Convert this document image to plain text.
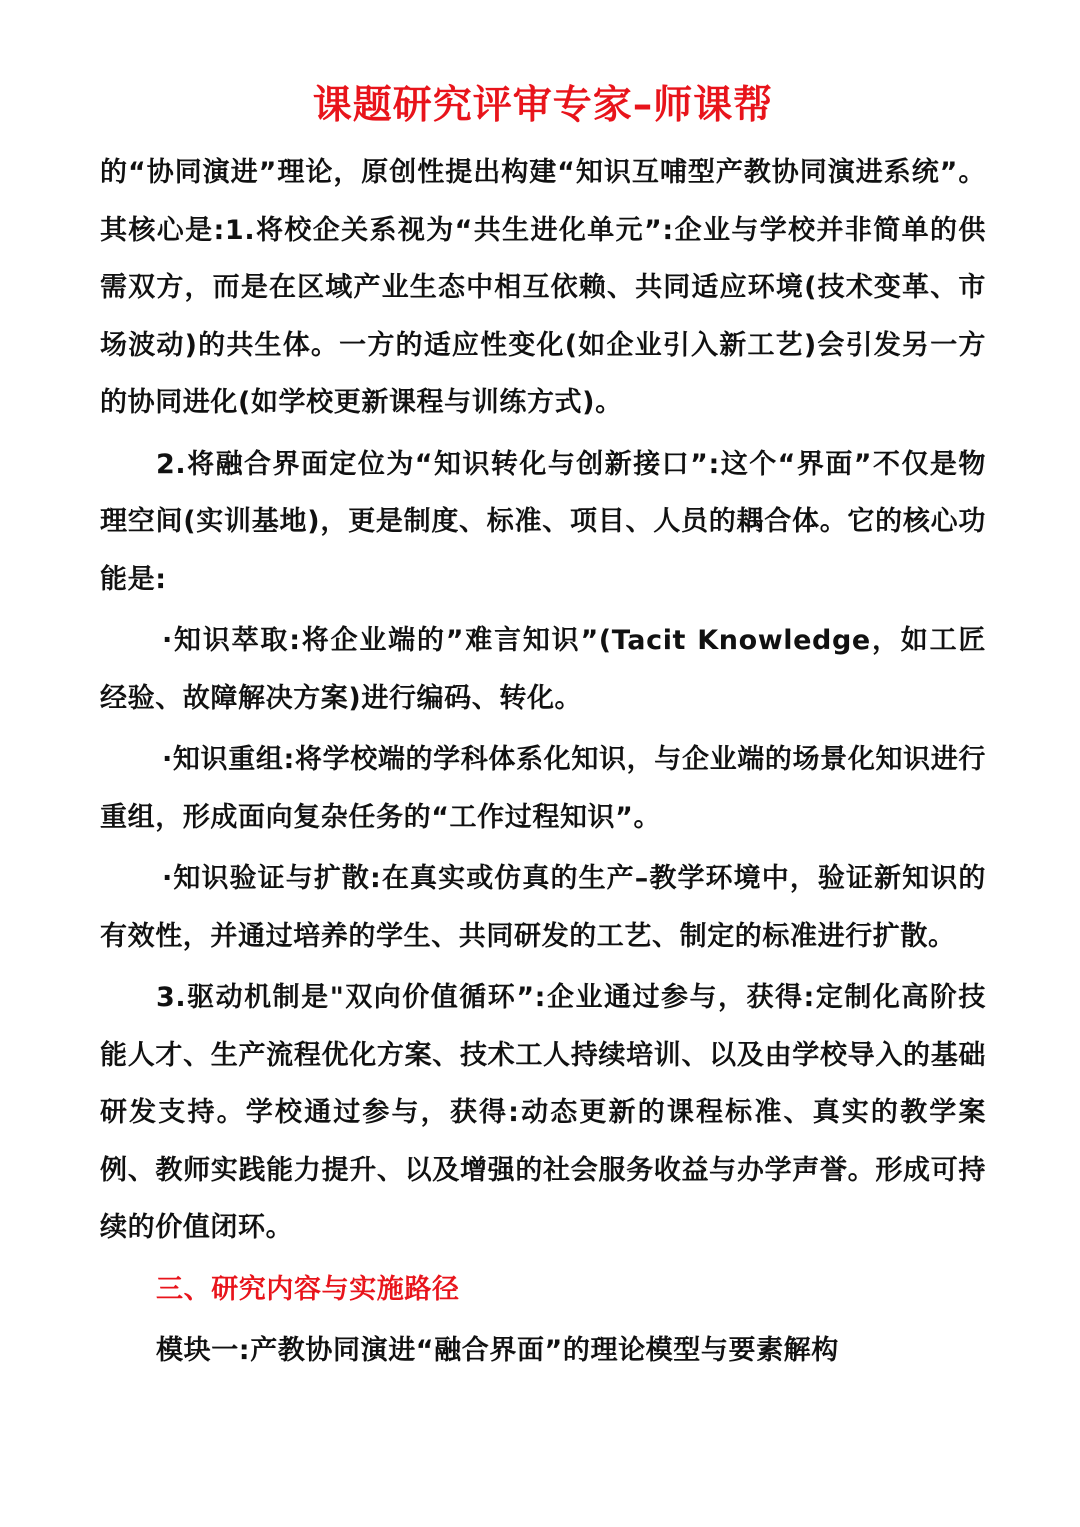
课题研究评审专家–师课帮

的“协同演进”理论，原创性提出构建“知识互哺型产教协同演进系统”。其核心是:1.将校企关系视为“共生进化单元”:企业与学校并非简单的供需双方，而是在区域产业生态中相互依赖、共同适应环境(技术变革、市场波动)的共生体。一方的适应性变化(如企业引入新工艺)会引发另一方的协同进化(如学校更新课程与训练方式)。

2.将融合界面定位为“知识转化与创新接口”:这个“界面”不仅是物理空间(实训基地)，更是制度、标准、项目、人员的耦合体。它的核心功能是:

·知识萃取:将企业端的”难言知识”(Tacit Knowledge，如工匠经验、故障解决方案)进行编码、转化。

·知识重组:将学校端的学科体系化知识，与企业端的场景化知识进行重组，形成面向复杂任务的“工作过程知识”。

·知识验证与扩散:在真实或仿真的生产–教学环境中，验证新知识的有效性，并通过培养的学生、共同研发的工艺、制定的标准进行扩散。

3.驱动机制是"双向价值循环”:企业通过参与，获得:定制化高阶技能人才、生产流程优化方案、技术工人持续培训、以及由学校导入的基础研发支持。学校通过参与，获得:动态更新的课程标准、真实的教学案例、教师实践能力提升、以及增强的社会服务收益与办学声誉。形成可持续的价值闭环。

三、研究内容与实施路径
模块一:产教协同演进“融合界面”的理论模型与要素解构
